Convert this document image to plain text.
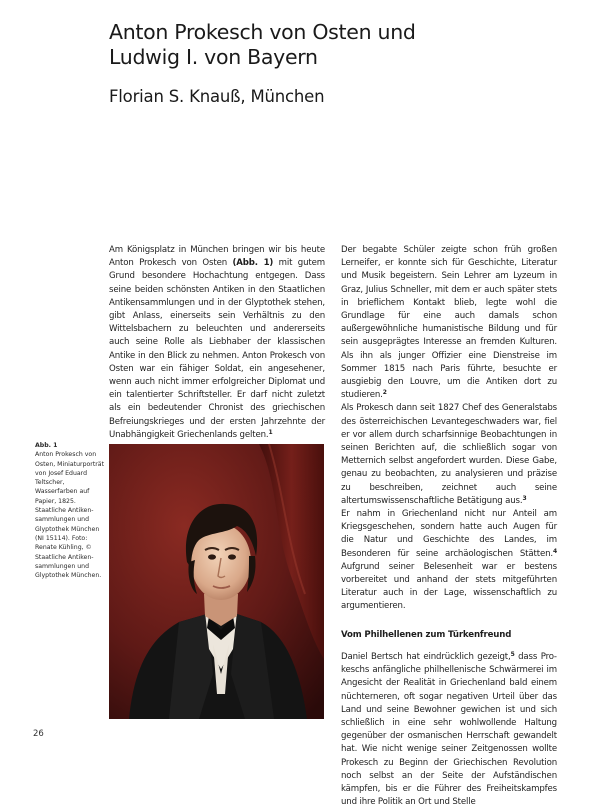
Anton Prokesch von Osten und
Ludwig I. von Bayern
Florian S. Knauß, München

Am Königsplatz in München bringen wir bis heute Anton Prokesch von Osten (Abb. 1) mit gutem Grund besondere Hochachtung entgegen. Dass seine beiden schönsten Antiken in den Staatlichen Antikensammlungen und in der Glyptothek stehen, gibt Anlass, einerseits sein Verhältnis zu den Wittelsbachern zu beleuchten und andererseits auch seine Rolle als Liebhaber der klassischen Antike in den Blick zu nehmen. Anton Prokesch von Osten war ein fähiger Soldat, ein angesehener, wenn auch nicht immer erfolgreicher Diplomat und ein talentierter Schriftsteller. Er darf nicht zuletzt als ein bedeutender Chronist des griechischen Befreiungskrieges und der ersten Jahrzehnte der Unabhängigkeit Griechenlands gelten.$^1$

Der begabte Schüler zeigte schon früh großen Lerneifer, er konnte sich für Geschichte, Literatur und Musik begeistern. Sein Lehrer am Lyzeum in Graz, Julius Schneller, mit dem er auch später stets in brieflichem Kontakt blieb, legte wohl die Grundlage für eine auch damals schon außergewöhnliche humanistische Bildung und für sein ausgeprägtes Interesse an fremden Kulturen. Als ihn als junger Offizier eine Dienstreise im Sommer 1815 nach Paris führte, besuchte er ausgiebig den Louvre, um die Antiken dort zu studieren.$^2$

Als Prokesch dann seit 1827 Chef des Generalstabs des österreichischen Levantegeschwaders war, fiel er vor allem durch scharfsinnige Beobachtungen in seinen Berichten auf, die schließlich sogar von Metternich selbst angefordert wurden. Diese Gabe, genau zu beobachten, zu analysieren und präzise zu beschreiben, zeichnet auch seine altertumswissenschaftliche Betätigung aus.$^3$

Er nahm in Griechenland nicht nur Anteil am Kriegsgeschehen, sondern hatte auch Augen für die Natur und Geschichte des Landes, im Besonderen für seine archäologischen Stätten.$^4$ Aufgrund seiner Belesenheit war er bestens vorbereitet und anhand der stets mitgeführten Literatur auch in der Lage, wissenschaftlich zu argumentieren.

Vom Philhellenen zum Türkenfreund

Daniel Bertsch hat eindrücklich gezeigt,$^5$ dass Prokeschs anfängliche philhellenische Schwärmerei im Angesicht der Realität in Griechenland bald einem nüchterneren, oft sogar negativen Urteil über das Land und seine Bewohner gewichen ist und sich schließlich in eine sehr wohlwollende Haltung gegenüber der osmanischen Herrschaft gewandelt hat. Wie nicht wenige seiner Zeitgenossen wollte Prokesch zu Beginn der Griechischen Revolution noch selbst an der Seite der Aufständischen kämpfen, bis er die Führer des Freiheitskampfes und ihre Politik an Ort und Stelle

Abb. 1
Anton Prokesch von Osten, Miniaturporträt von Josef Eduard Teltscher, Wasserfarben auf Papier, 1825. Staatliche Antikensammlungen und Glyptothek München (NI 15114). Foto: Renate Kühling, © Staatliche Antikensammlungen und Glyptothek München.
26
